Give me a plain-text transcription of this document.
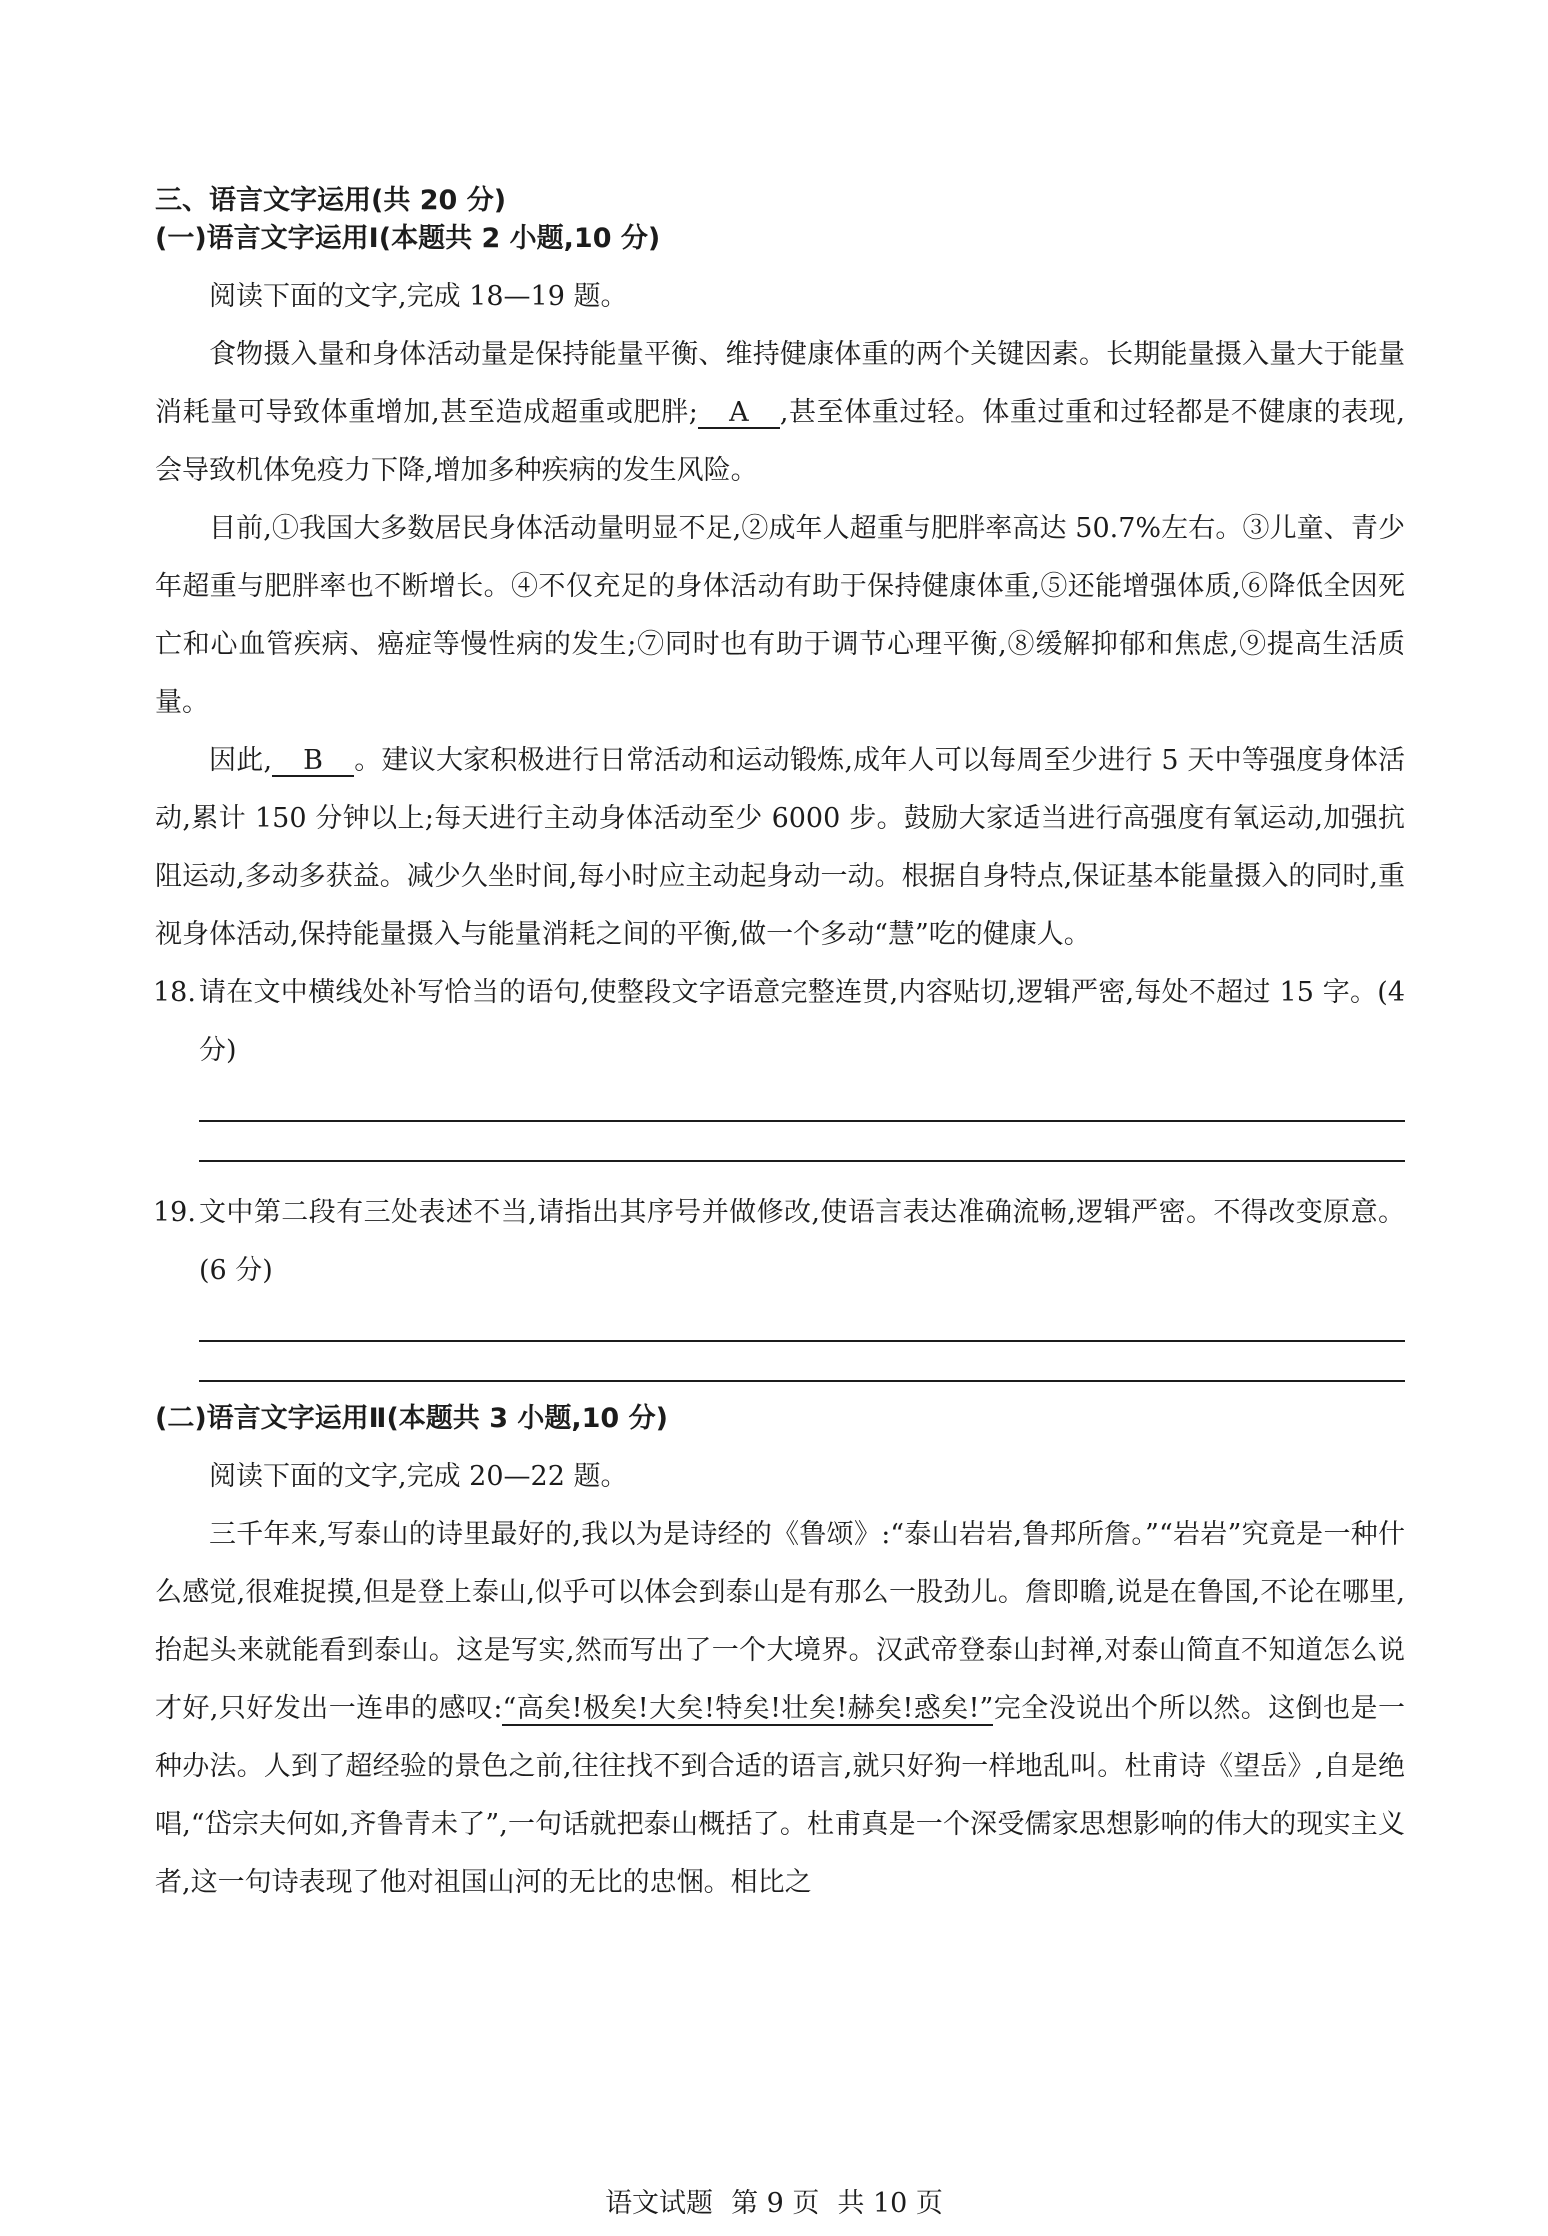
三、语言文字运用(共 20 分)
(一)语言文字运用Ⅰ(本题共 2 小题,10 分)

阅读下面的文字,完成 18—19 题。

食物摄入量和身体活动量是保持能量平衡、维持健康体重的两个关键因素。长期能量摄入量大于能量消耗量可导致体重增加,甚至造成超重或肥胖; A ,甚至体重过轻。体重过重和过轻都是不健康的表现,会导致机体免疫力下降,增加多种疾病的发生风险。

目前,①我国大多数居民身体活动量明显不足,②成年人超重与肥胖率高达 50.7%左右。③儿童、青少年超重与肥胖率也不断增长。④不仅充足的身体活动有助于保持健康体重,⑤还能增强体质,⑥降低全因死亡和心血管疾病、癌症等慢性病的发生;⑦同时也有助于调节心理平衡,⑧缓解抑郁和焦虑,⑨提高生活质量。

因此, B 。建议大家积极进行日常活动和运动锻炼,成年人可以每周至少进行 5 天中等强度身体活动,累计 150 分钟以上;每天进行主动身体活动至少 6000 步。鼓励大家适当进行高强度有氧运动,加强抗阻运动,多动多获益。减少久坐时间,每小时应主动起身动一动。根据自身特点,保证基本能量摄入的同时,重视身体活动,保持能量摄入与能量消耗之间的平衡,做一个多动“慧”吃的健康人。

18. 请在文中横线处补写恰当的语句,使整段文字语意完整连贯,内容贴切,逻辑严密,每处不超过 15 字。(4 分)
19. 文中第二段有三处表述不当,请指出其序号并做修改,使语言表达准确流畅,逻辑严密。不得改变原意。(6 分)
(二)语言文字运用Ⅱ(本题共 3 小题,10 分)

阅读下面的文字,完成 20—22 题。

三千年来,写泰山的诗里最好的,我以为是诗经的《鲁颂》:“泰山岩岩,鲁邦所詹。”“岩岩”究竟是一种什么感觉,很难捉摸,但是登上泰山,似乎可以体会到泰山是有那么一股劲儿。詹即瞻,说是在鲁国,不论在哪里,抬起头来就能看到泰山。这是写实,然而写出了一个大境界。汉武帝登泰山封禅,对泰山简直不知道怎么说才好,只好发出一连串的感叹:“高矣!极矣!大矣!特矣!壮矣!赫矣!惑矣!”完全没说出个所以然。这倒也是一种办法。人到了超经验的景色之前,往往找不到合适的语言,就只好狗一样地乱叫。杜甫诗《望岳》,自是绝唱,“岱宗夫何如,齐鲁青未了”,一句话就把泰山概括了。杜甫真是一个深受儒家思想影响的伟大的现实主义者,这一句诗表现了他对祖国山河的无比的忠悃。相比之

语文试题 第 9 页 共 10 页
